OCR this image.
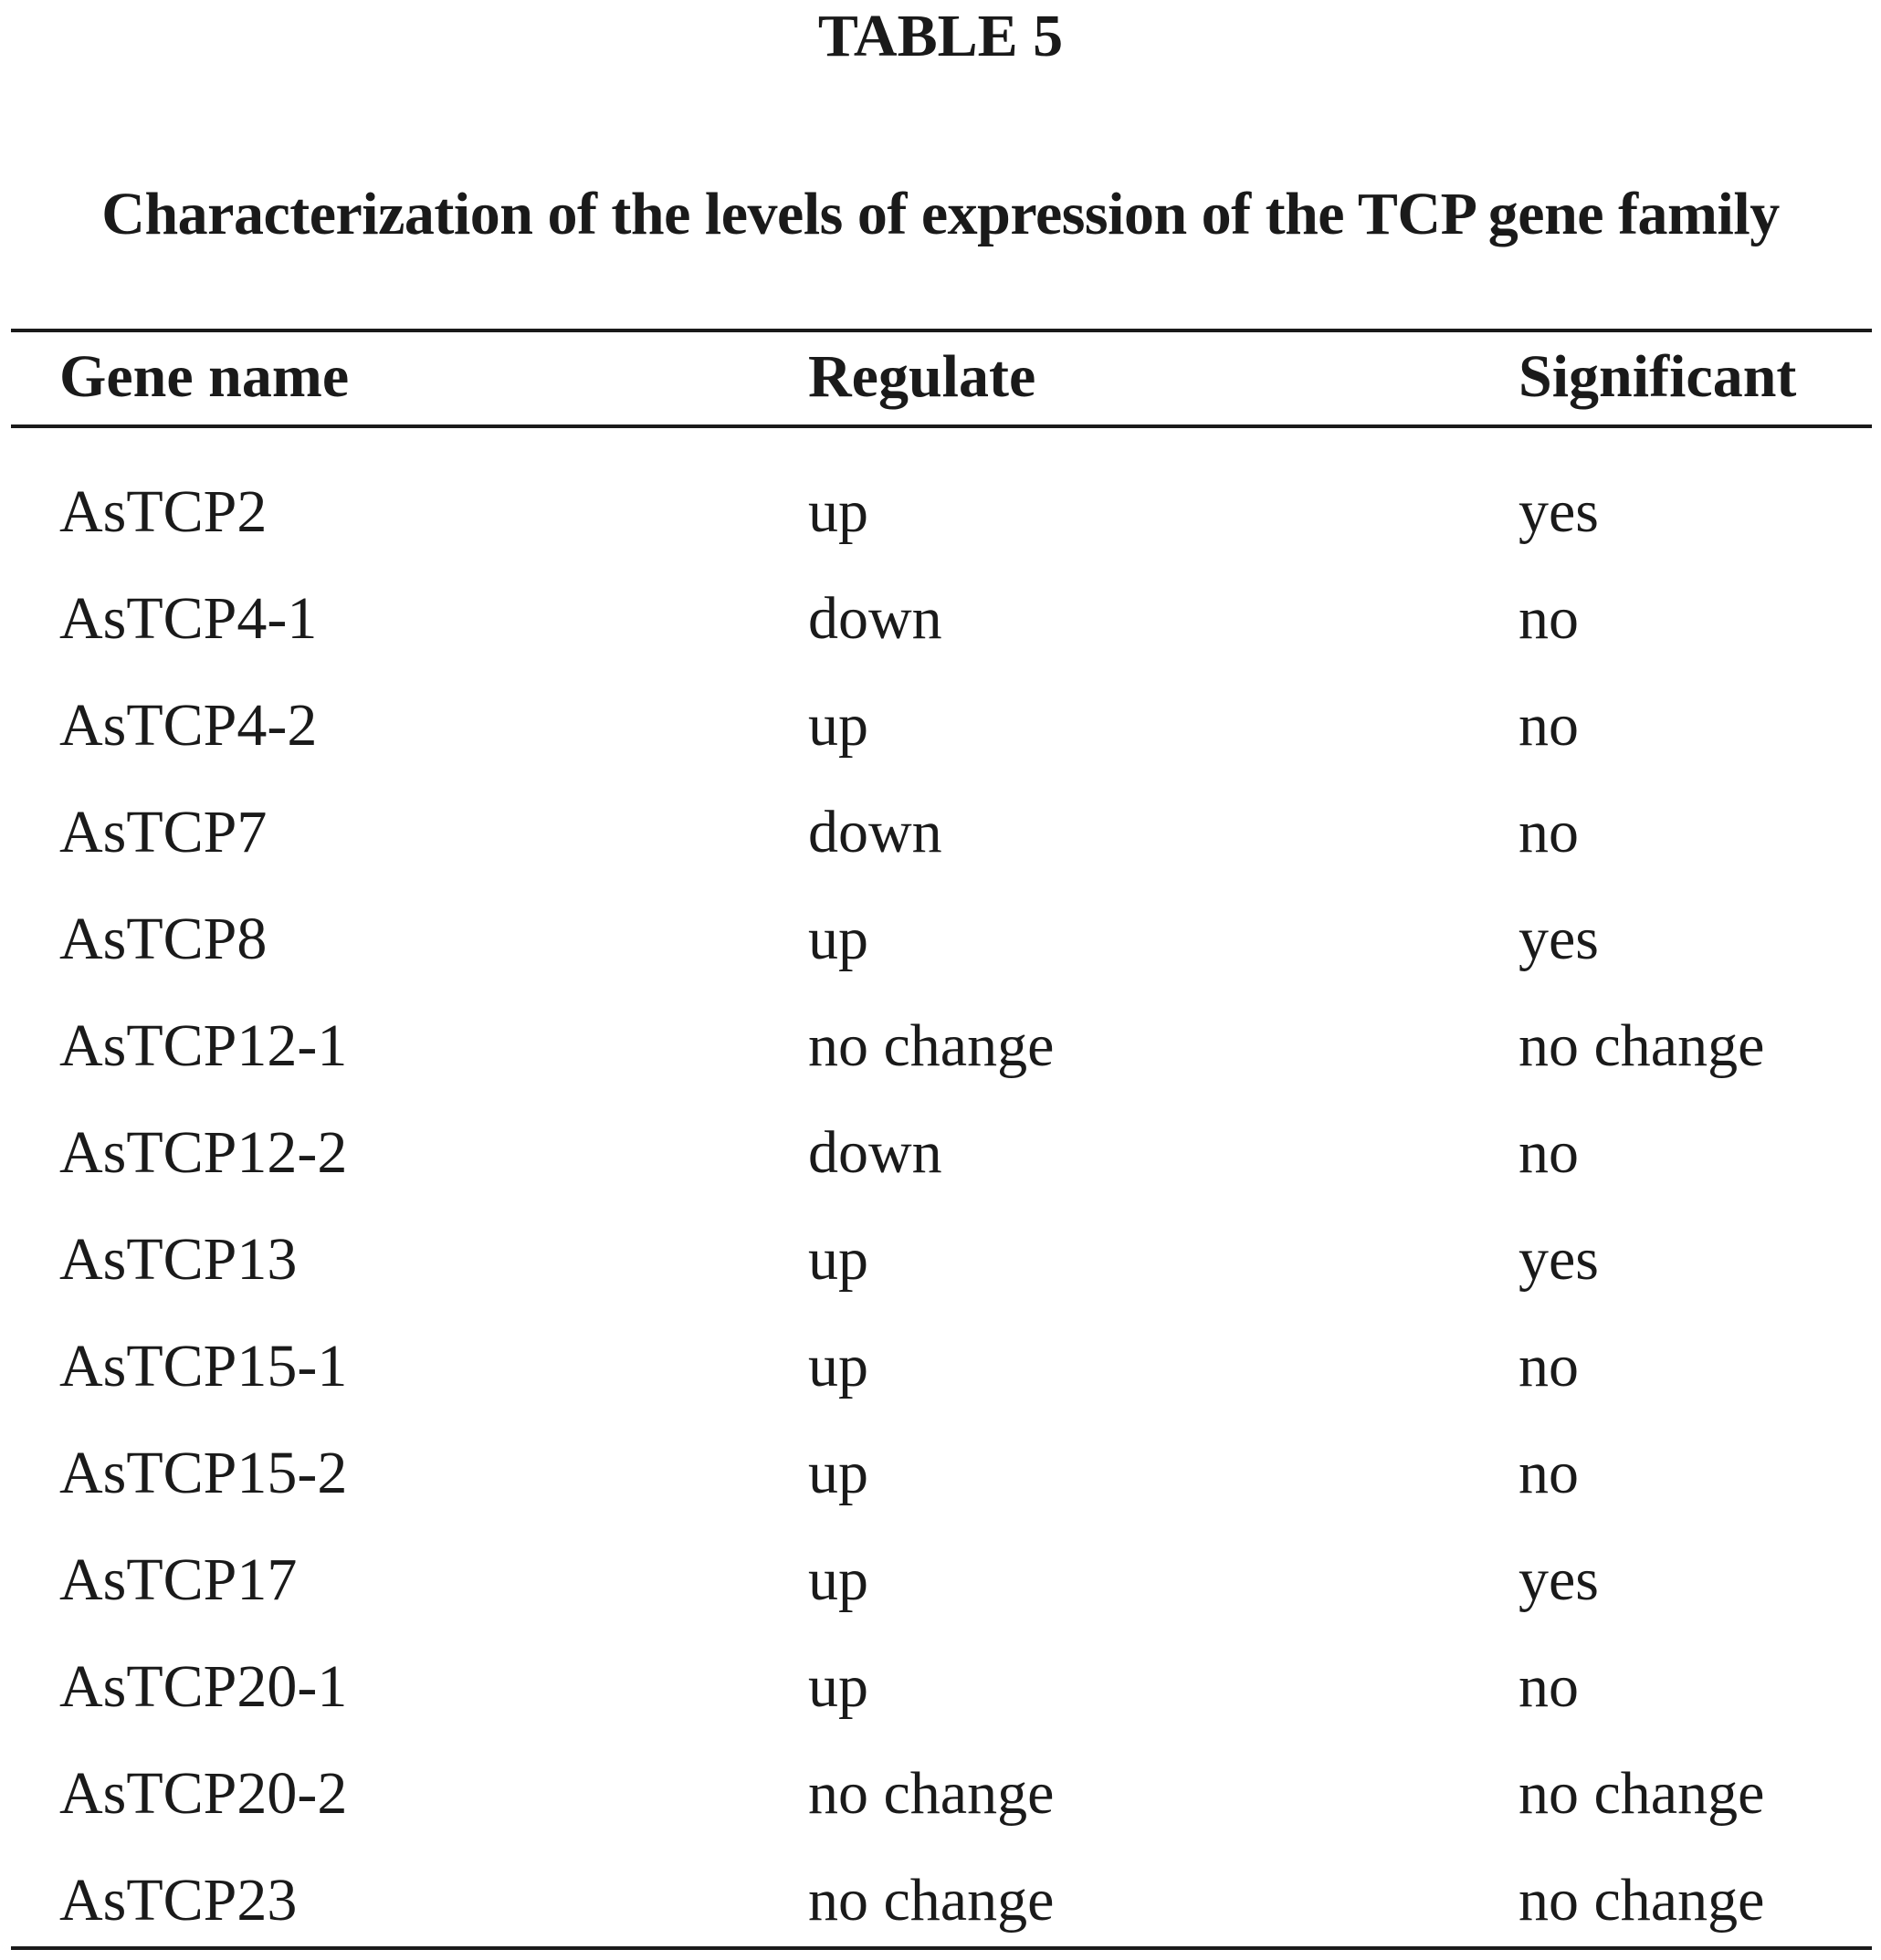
TABLE 5
Characterization of the levels of expression of the TCP gene family
Gene name	Regulate	Significant
AsTCP2	up	yes
AsTCP4-1	down	no
AsTCP4-2	up	no
AsTCP7	down	no
AsTCP8	up	yes
AsTCP12-1	no change	no change
AsTCP12-2	down	no
AsTCP13	up	yes
AsTCP15-1	up	no
AsTCP15-2	up	no
AsTCP17	up	yes
AsTCP20-1	up	no
AsTCP20-2	no change	no change
AsTCP23	no change	no change
